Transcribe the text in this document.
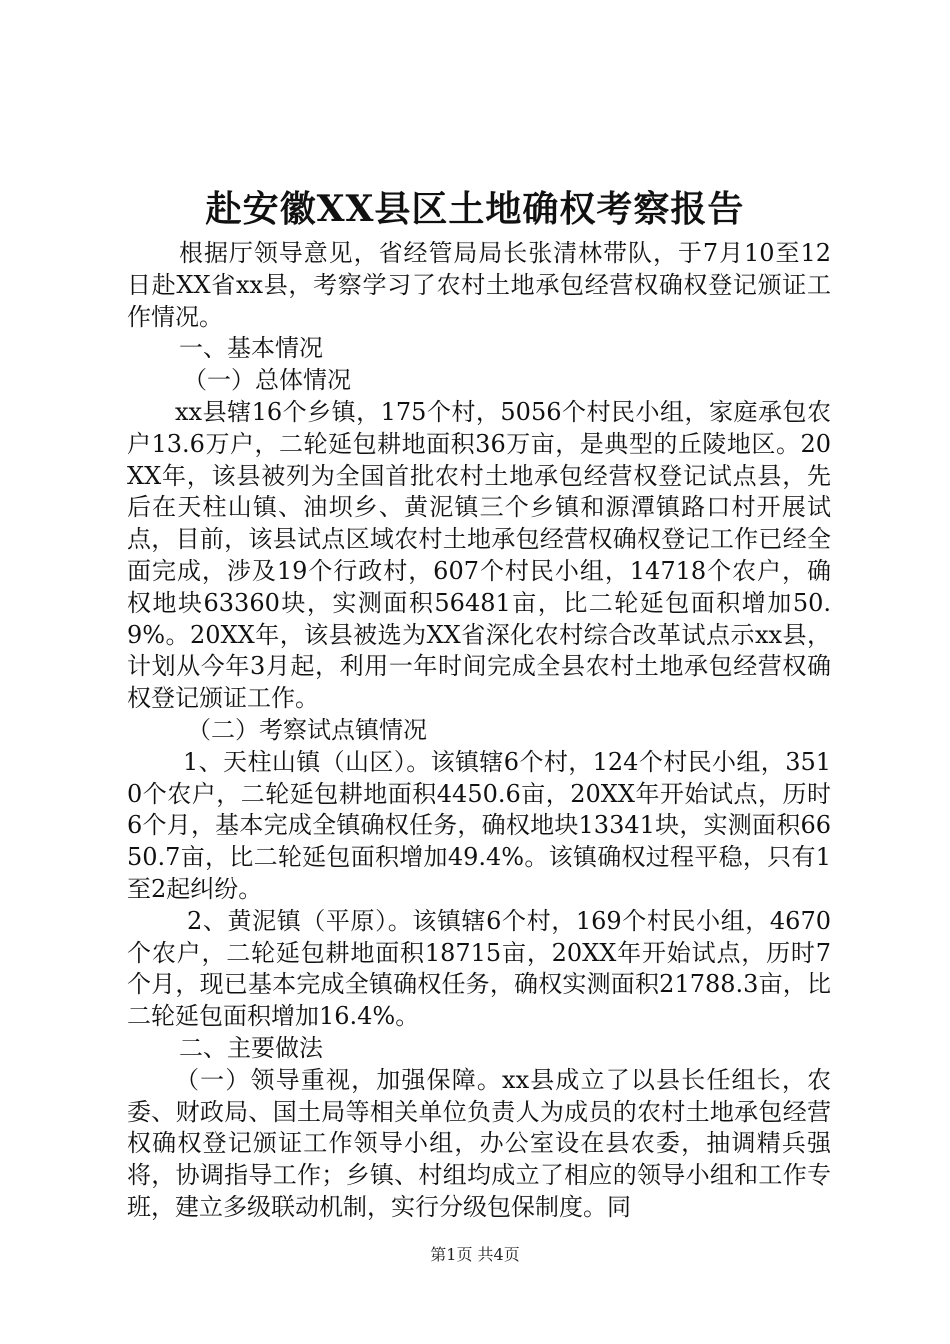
赴安徽XX县区土地确权考察报告

根据厅领导意见，省经管局局长张清林带队，于7月10至12日赴XX省xx县，考察学习了农村土地承包经营权确权登记颁证工作情况。

一、基本情况

（一）总体情况

xx县辖16个乡镇，175个村，5056个村民小组，家庭承包农户13.6万户，二轮延包耕地面积36万亩，是典型的丘陵地区。20XX年，该县被列为全国首批农村土地承包经营权登记试点县，先后在天柱山镇、油坝乡、黄泥镇三个乡镇和源潭镇路口村开展试点，目前，该县试点区域农村土地承包经营权确权登记工作已经全面完成，涉及19个行政村，607个村民小组，14718个农户，确权地块63360块，实测面积56481亩，比二轮延包面积增加50.9%。20XX年，该县被选为XX省深化农村综合改革试点示xx县，计划从今年3月起，利用一年时间完成全县农村土地承包经营权确权登记颁证工作。

（二）考察试点镇情况

1、天柱山镇（山区）。该镇辖6个村，124个村民小组，3510个农户，二轮延包耕地面积4450.6亩，20XX年开始试点，历时6个月，基本完成全镇确权任务，确权地块13341块，实测面积6650.7亩，比二轮延包面积增加49.4%。该镇确权过程平稳，只有1至2起纠纷。

2、黄泥镇（平原）。该镇辖6个村，169个村民小组，4670个农户，二轮延包耕地面积18715亩，20XX年开始试点，历时7个月，现已基本完成全镇确权任务，确权实测面积21788.3亩，比二轮延包面积增加16.4%。

二、主要做法

（一）领导重视，加强保障。xx县成立了以县长任组长，农委、财政局、国土局等相关单位负责人为成员的农村土地承包经营权确权登记颁证工作领导小组，办公室设在县农委，抽调精兵强将，协调指导工作；乡镇、村组均成立了相应的领导小组和工作专班，建立多级联动机制，实行分级包保制度。同

第1页 共4页
